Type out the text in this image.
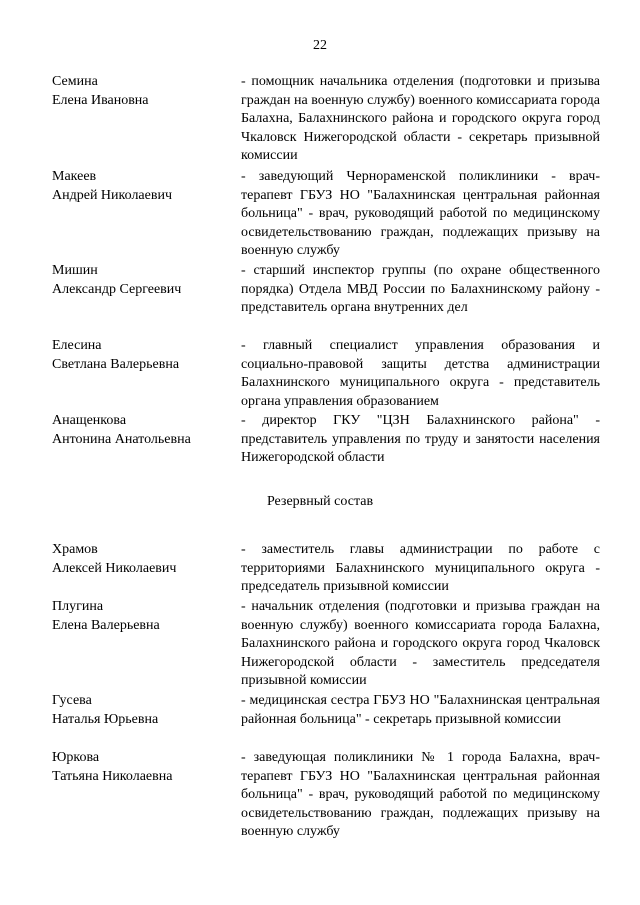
22
Семина
Елена Ивановна
- помощник начальника отделения (подготовки и призыва граждан на военную службу) военного комиссариата города Балахна, Балахнинского района и городского округа город Чкаловск Нижегородской области - секретарь призывной комиссии
Макеев
Андрей Николаевич
- заведующий Чернораменской поликлиники - врач-терапевт ГБУЗ НО "Балахнинская центральная районная больница" - врач, руководящий работой по медицинскому освидетельствованию граждан, подлежащих призыву на военную службу
Мишин
Александр Сергеевич
- старший инспектор группы (по охране общественного порядка) Отдела МВД России по Балахнинскому району - представитель органа внутренних дел
Елесина
Светлана Валерьевна
- главный специалист управления образования и социально-правовой защиты детства администрации Балахнинского муниципального округа - представитель органа управления образованием
Анащенкова
Антонина Анатольевна
- директор ГКУ "ЦЗН Балахнинского района" - представитель управления по труду и занятости населения Нижегородской области
Резервный состав
Храмов
Алексей Николаевич
- заместитель главы администрации по работе с территориями Балахнинского муниципального округа - председатель призывной комиссии
Плугина
Елена Валерьевна
- начальник отделения (подготовки и призыва граждан на военную службу) военного комиссариата города Балахна, Балахнинского района и городского округа город Чкаловск Нижегородской области - заместитель председателя призывной комиссии
Гусева
Наталья Юрьевна
- медицинская сестра ГБУЗ НО "Балахнинская центральная районная больница" - секретарь призывной комиссии
Юркова
Татьяна Николаевна
- заведующая поликлиники № 1 города Балахна, врач-терапевт ГБУЗ НО "Балахнинская центральная районная больница" - врач, руководящий работой по медицинскому освидетельствованию граждан, подлежащих призыву на военную службу
